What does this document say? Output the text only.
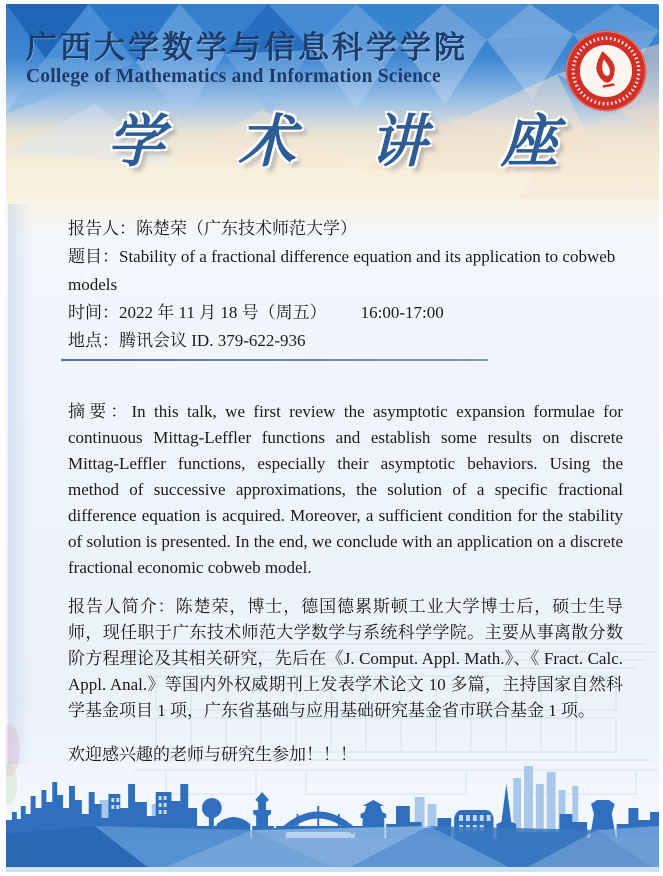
广西大学数学与信息科学学院
College of Mathematics and Information Science
学 术 讲 座

报告人：陈楚荣（广东技术师范大学）

题目：Stability of a fractional difference equation and its application to cobweb models

时间：2022 年 11 月 18 号（周五） 16:00-17:00

地点：腾讯会议 ID. 379-622-936

摘要：In this talk, we first review the asymptotic expansion formulae for continuous Mittag-Leffler functions and establish some results on discrete Mittag-Leffler functions, especially their asymptotic behaviors. Using the method of successive approximations, the solution of a specific fractional difference equation is acquired. Moreover, a sufficient condition for the stability of solution is presented. In the end, we conclude with an application on a discrete fractional economic cobweb model.

报告人简介：陈楚荣，博士，德国德累斯顿工业大学博士后，硕士生导师，现任职于广东技术师范大学数学与系统科学学院。主要从事离散分数阶方程理论及其相关研究，先后在《J. Comput. Appl. Math.》、《 Fract. Calc. Appl. Anal.》等国内外权威期刊上发表学术论文 10 多篇，主持国家自然科学基金项目 1 项，广东省基础与应用基础研究基金省市联合基金 1 项。

欢迎感兴趣的老师与研究生参加！！！
